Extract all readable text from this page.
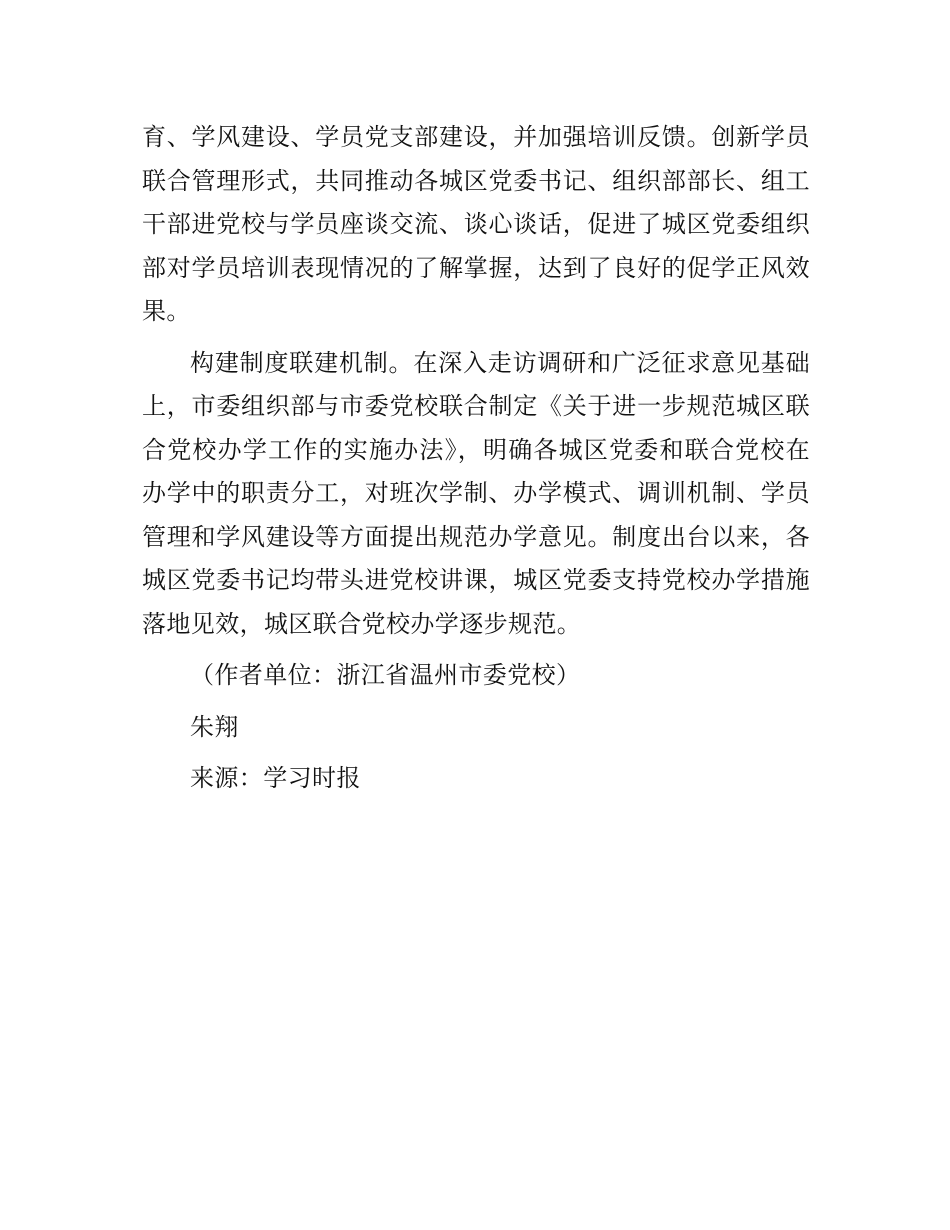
育、学风建设、学员党支部建设，并加强培训反馈。创新学员联合管理形式，共同推动各城区党委书记、组织部部长、组工干部进党校与学员座谈交流、谈心谈话，促进了城区党委组织部对学员培训表现情况的了解掌握，达到了良好的促学正风效果。

构建制度联建机制。在深入走访调研和广泛征求意见基础上，市委组织部与市委党校联合制定《关于进一步规范城区联合党校办学工作的实施办法》，明确各城区党委和联合党校在办学中的职责分工，对班次学制、办学模式、调训机制、学员管理和学风建设等方面提出规范办学意见。制度出台以来，各城区党委书记均带头进党校讲课，城区党委支持党校办学措施落地见效，城区联合党校办学逐步规范。

（作者单位：浙江省温州市委党校）

朱翔

来源：学习时报
